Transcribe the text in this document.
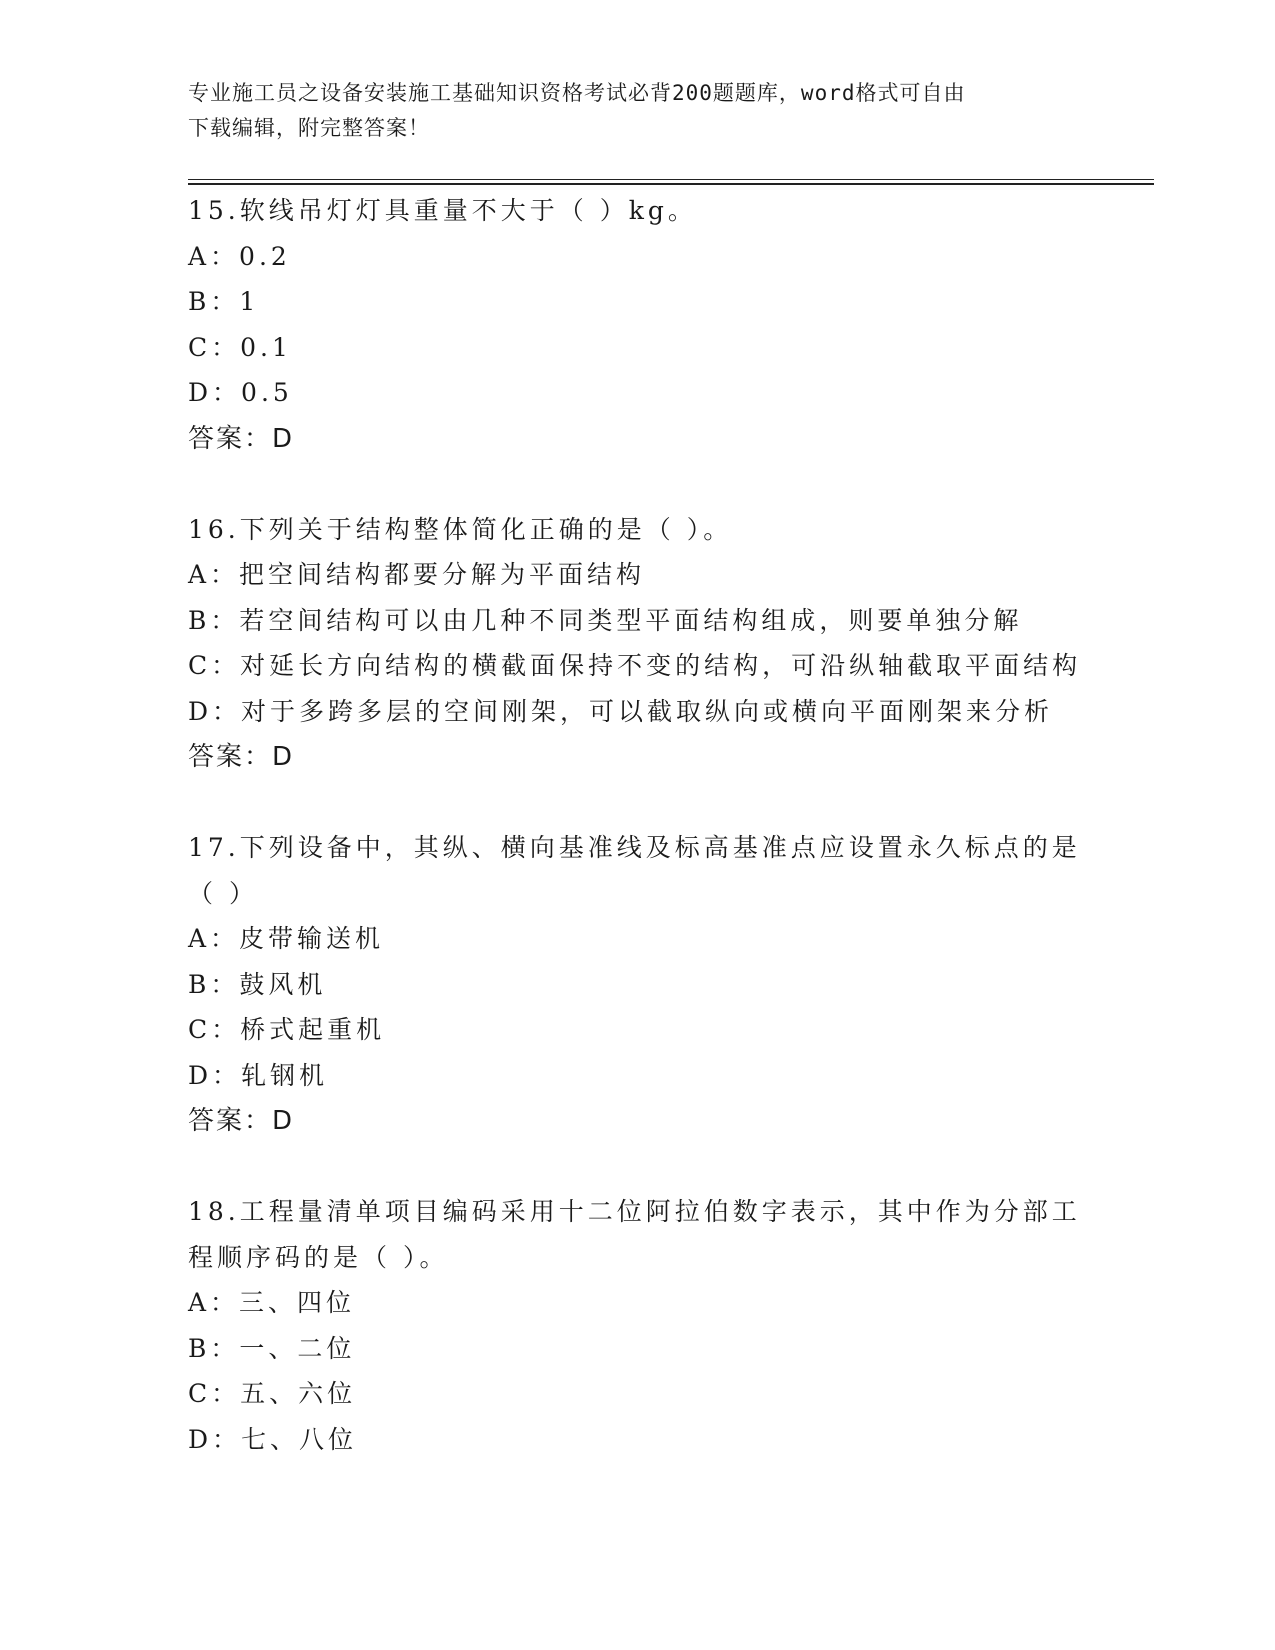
专业施工员之设备安装施工基础知识资格考试必背200题题库，word格式可自由
下载编辑，附完整答案！

15.软线吊灯灯具重量不大于（ ）kg。

A：0.2

B：1

C：0.1

D：0.5

答案：D

16.下列关于结构整体简化正确的是（ ）。

A：把空间结构都要分解为平面结构

B：若空间结构可以由几种不同类型平面结构组成，则要单独分解

C：对延长方向结构的横截面保持不变的结构，可沿纵轴截取平面结构

D：对于多跨多层的空间刚架，可以截取纵向或横向平面刚架来分析

答案：D

17.下列设备中，其纵、横向基准线及标高基准点应设置永久标点的是

（ ）

A：皮带输送机

B：鼓风机

C：桥式起重机

D：轧钢机

答案：D

18.工程量清单项目编码采用十二位阿拉伯数字表示，其中作为分部工

程顺序码的是（ ）。

A：三、四位

B：一、二位

C：五、六位

D：七、八位
